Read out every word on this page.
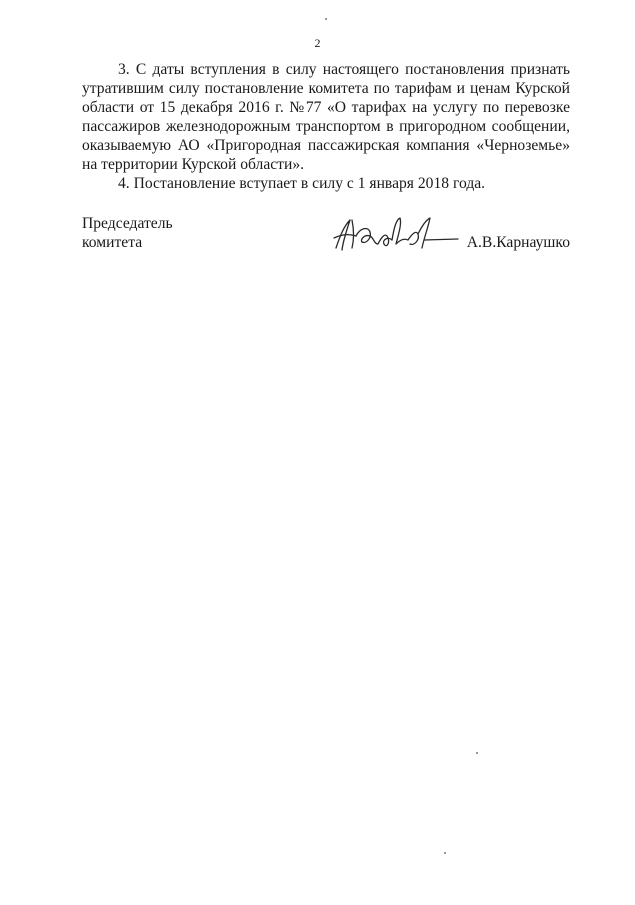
2

3. С даты вступления в силу настоящего постановления признать утратившим силу постановление комитета по тарифам и ценам Курской области от 15 декабря 2016 г. №77 «О тарифах на услугу по перевозке пассажиров железнодорожным транспортом в пригородном сообщении, оказываемую АО «Пригородная пассажирская компания «Черноземье» на территории Курской области».

4. Постановление вступает в силу с 1 января 2018 года.

Председатель
комитета	А.В.Карнаушко
